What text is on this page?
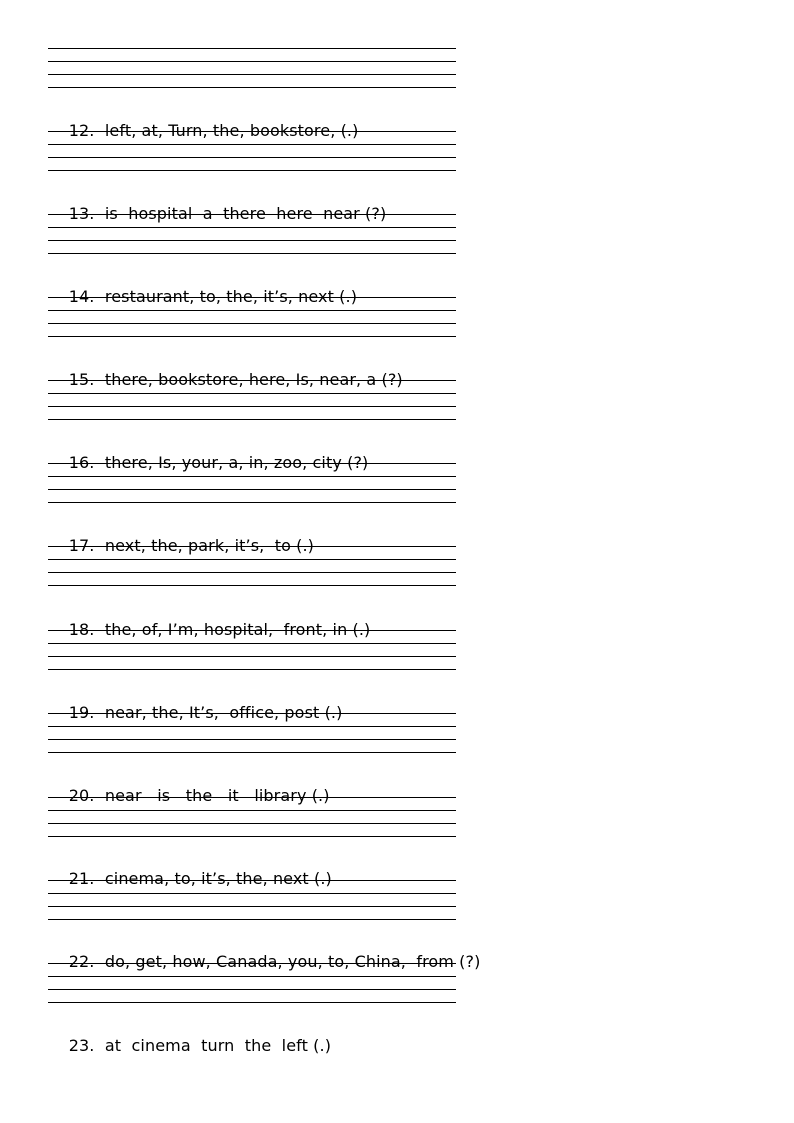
12. left, at, Turn, the, bookstore, (.)

13. is  hospital  a  there  here  near (?)

14. restaurant, to, the, it’s, next (.)

15. there, bookstore, here, Is, near, a (?)

16. there, Is, your, a, in, zoo, city (?)

17. next, the, park, it’s,  to (.)

18. the, of, I’m, hospital,  front, in (.)

19. near, the, It’s,  office, post (.)

20. near   is   the   it   library (.)

21. cinema, to, it’s, the, next (.)

22. do, get, how, Canada, you, to, China,  from (?)

23. at  cinema  turn  the  left (.)
